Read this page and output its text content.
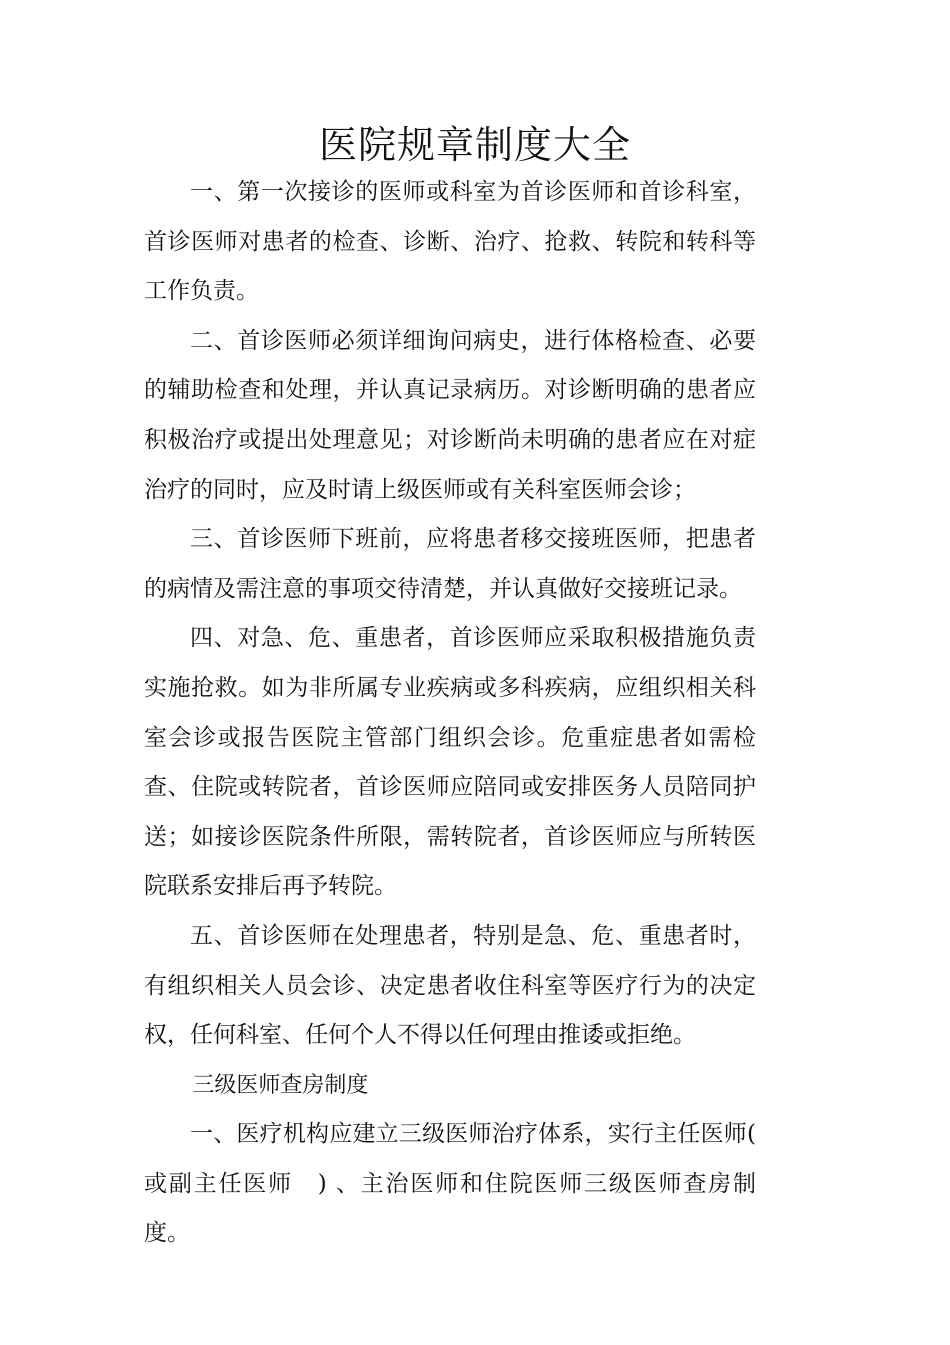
医院规章制度大全

一、第一次接诊的医师或科室为首诊医师和首诊科室，首诊医师对患者的检查、诊断、治疗、抢救、转院和转科等工作负责。

二、首诊医师必须详细询问病史，进行体格检查、必要的辅助检查和处理，并认真记录病历。对诊断明确的患者应积极治疗或提出处理意见；对诊断尚未明确的患者应在对症治疗的同时，应及时请上级医师或有关科室医师会诊；

三、首诊医师下班前，应将患者移交接班医师，把患者的病情及需注意的事项交待清楚，并认真做好交接班记录。

四、对急、危、重患者，首诊医师应采取积极措施负责实施抢救。如为非所属专业疾病或多科疾病，应组织相关科室会诊或报告医院主管部门组织会诊。危重症患者如需检查、住院或转院者，首诊医师应陪同或安排医务人员陪同护送；如接诊医院条件所限，需转院者，首诊医师应与所转医院联系安排后再予转院。

五、首诊医师在处理患者，特别是急、危、重患者时，有组织相关人员会诊、决定患者收住科室等医疗行为的决定权，任何科室、任何个人不得以任何理由推诿或拒绝。

三级医师查房制度

一、医疗机构应建立三级医师治疗体系，实行主任医师( 或副主任医师　) 、主治医师和住院医师三级医师查房制度。
